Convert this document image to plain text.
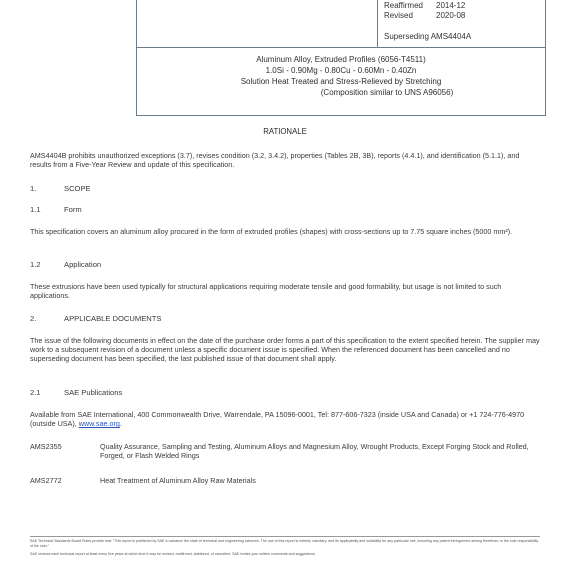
Reaffirmed 2014-12
Revised	2020-08
Superseding AMS4404A
Aluminum Alloy, Extruded Profiles (6056-T4511)
1.0Si - 0.90Mg - 0.80Cu - 0.60Mn - 0.40Zn
Solution Heat Treated and Stress-Relieved by Stretching
(Composition similar to UNS A96056)
RATIONALE
AMS4404B prohibits unauthorized exceptions (3.7), revises condition (3.2, 3.4.2), properties (Tables 2B, 3B), reports (4.4.1), and identification (5.1.1), and results from a Five-Year Review and update of this specification.
1.	SCOPE
1.1	Form
This specification covers an aluminum alloy procured in the form of extruded profiles (shapes) with cross-sections up to 7.75 square inches (5000 mm²).
1.2	Application
These extrusions have been used typically for structural applications requiring moderate tensile and good formability, but usage is not limited to such applications.
2.	APPLICABLE DOCUMENTS
The issue of the following documents in effect on the date of the purchase order forms a part of this specification to the extent specified herein. The supplier may work to a subsequent revision of a document unless a specific document issue is specified. When the referenced document has been cancelled and no superseding document has been specified, the last published issue of that document shall apply.
2.1	SAE Publications
Available from SAE International, 400 Commonwealth Drive, Warrendale, PA 15096-0001, Tel: 877-606-7323 (inside USA and Canada) or +1 724-776-4970 (outside USA), www.sae.org.
AMS2355	Quality Assurance, Sampling and Testing, Aluminum Alloys and Magnesium Alloy, Wrought Products, Except Forging Stock and Rolled, Forged, or Flash Welded Rings
AMS2772	Heat Treatment of Aluminum Alloy Raw Materials
SAE Technical Standards Board Rules provide that: "This report is published by SAE to advance the state of technical and engineering sciences. The use of this report is entirely voluntary, and its applicability and suitability for any particular use, including any patent infringement arising therefrom, is the sole responsibility of the user."
SAE reviews each technical report at least every five years at which time it may be revised, reaffirmed, stabilized, or cancelled. SAE invites your written comments and suggestions.
